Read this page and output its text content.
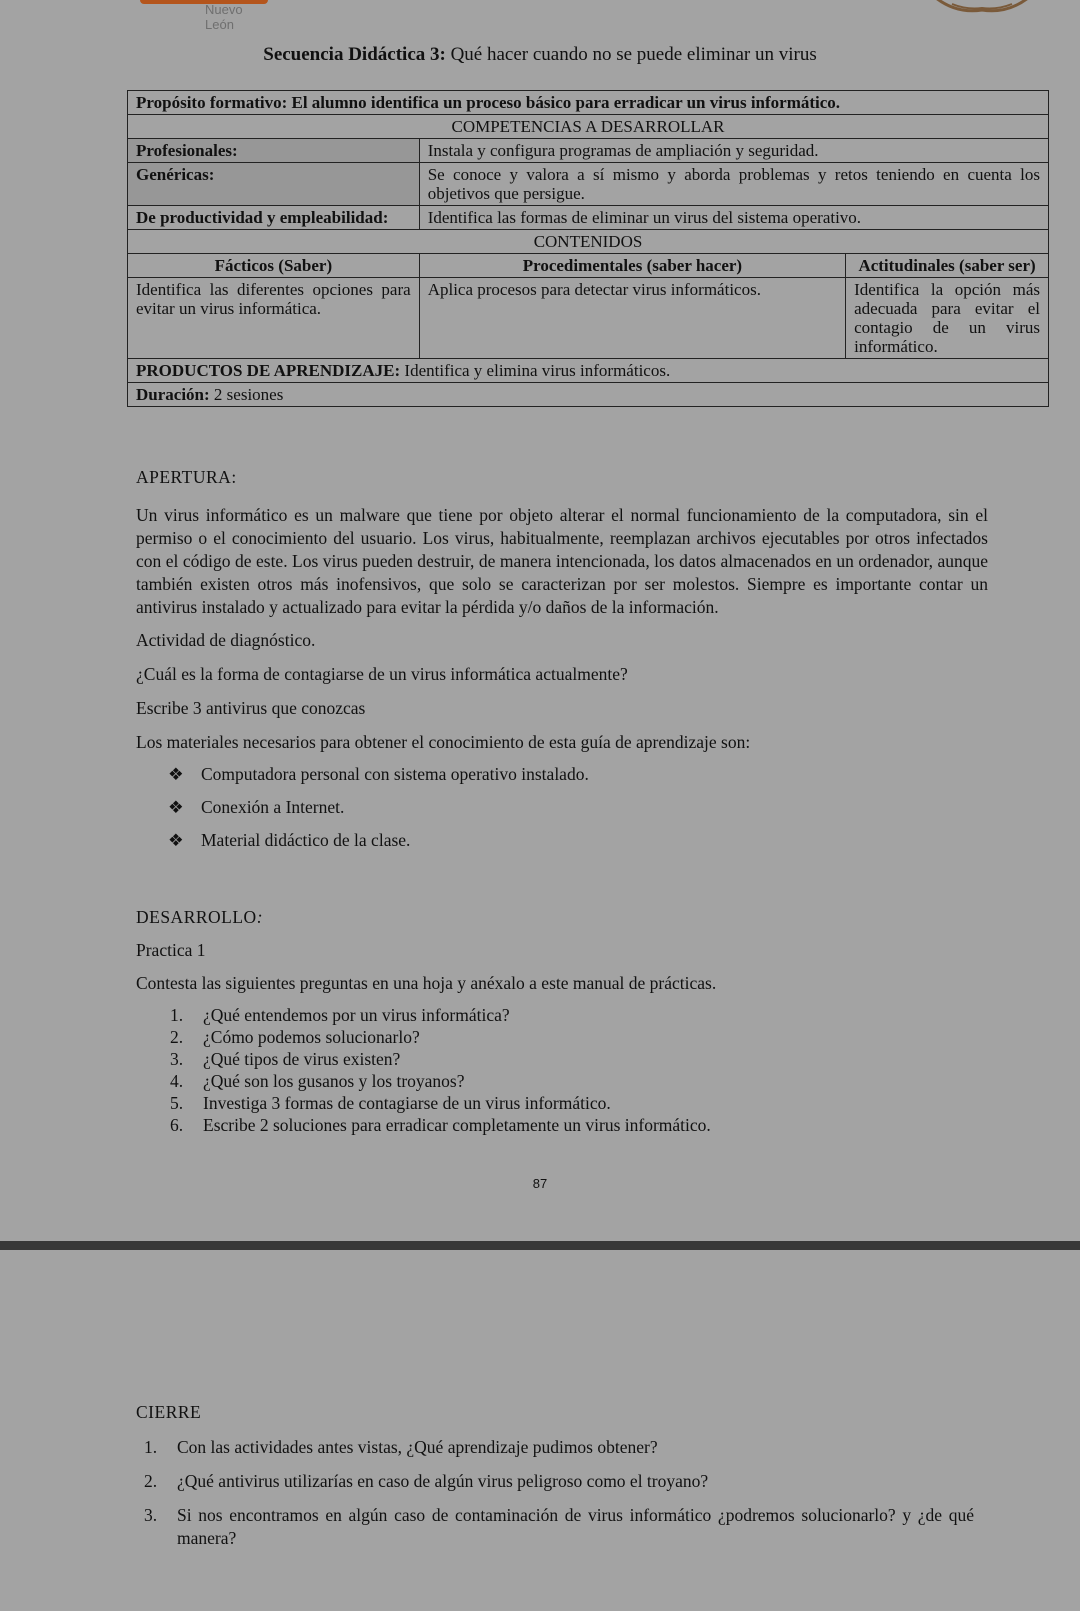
Nuevo León
Secuencia Didáctica 3: Qué hacer cuando no se puede eliminar un virus
Propósito formativo: El alumno identifica un proceso básico para erradicar un virus informático.		
COMPETENCIAS A DESARROLLAR		
Profesionales:	Instala y configura programas de ampliación y seguridad.	
Genéricas:	Se conoce y valora a sí mismo y aborda problemas y retos teniendo en cuenta los objetivos que persigue.	
De productividad y empleabilidad:	Identifica las formas de eliminar un virus del sistema operativo.	
CONTENIDOS		
Fácticos (Saber)	Procedimentales (saber hacer)	Actitudinales (saber ser)
Identifica las diferentes opciones para evitar un virus informática.	Aplica procesos para detectar virus informáticos.	Identifica la opción más adecuada para evitar el contagio de un virus informático.
PRODUCTOS DE APRENDIZAJE: Identifica y elimina virus informáticos.		
Duración: 2 sesiones		
APERTURA:

Un virus informático es un malware que tiene por objeto alterar el normal funcionamiento de la computadora, sin el permiso o el conocimiento del usuario. Los virus, habitualmente, reemplazan archivos ejecutables por otros infectados con el código de este. Los virus pueden destruir, de manera intencionada, los datos almacenados en un ordenador, aunque también existen otros más inofensivos, que solo se caracterizan por ser molestos. Siempre es importante contar un antivirus instalado y actualizado para evitar la pérdida y/o daños de la información.

Actividad de diagnóstico.
¿Cuál es la forma de contagiarse de un virus informática actualmente?
Escribe 3 antivirus que conozcas
Los materiales necesarios para obtener el conocimiento de esta guía de aprendizaje son:
❖ Computadora personal con sistema operativo instalado.
❖ Conexión a Internet.
❖ Material didáctico de la clase.
DESARROLLO:
Practica 1
Contesta las siguientes preguntas en una hoja y anéxalo a este manual de prácticas.
1. ¿Qué entendemos por un virus informática?
2. ¿Cómo podemos solucionarlo?
3. ¿Qué tipos de virus existen?
4. ¿Qué son los gusanos y los troyanos?
5. Investiga 3 formas de contagiarse de un virus informático.
6. Escribe 2 soluciones para erradicar completamente un virus informático.
87
CIERRE
1. Con las actividades antes vistas, ¿Qué aprendizaje pudimos obtener?
2. ¿Qué antivirus utilizarías en caso de algún virus peligroso como el troyano?
3. Si nos encontramos en algún caso de contaminación de virus informático ¿podremos solucionarlo? y ¿de qué manera?
